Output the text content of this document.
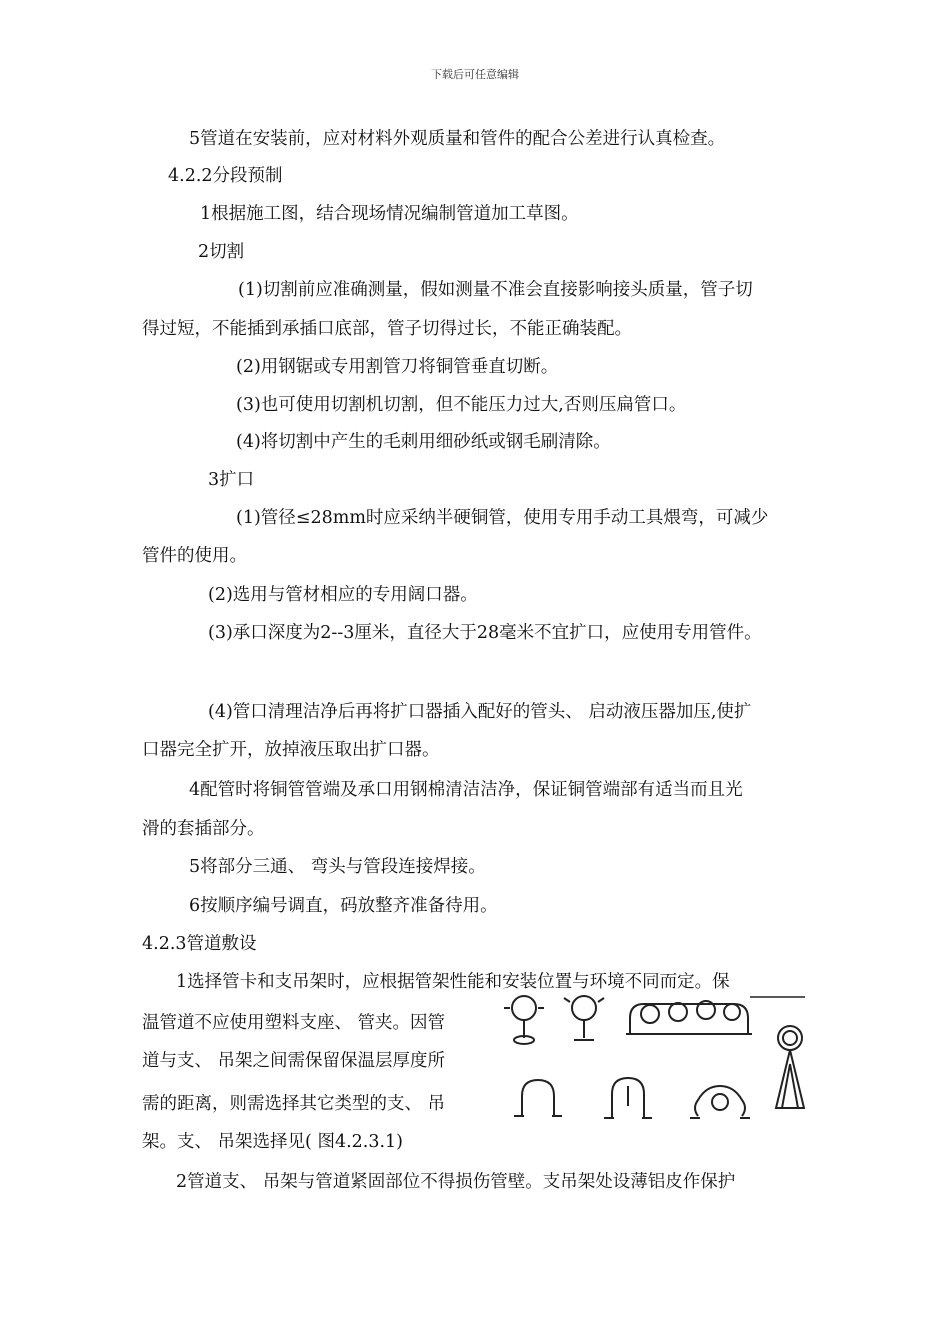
下载后可任意编辑
5管道在安装前，应对材料外观质量和管件的配合公差进行认真检查。
4.2.2分段预制
1根据施工图，结合现场情况编制管道加工草图。
2切割
(1)切割前应准确测量，假如测量不准会直接影响接头质量，管子切
得过短，不能插到承插口底部，管子切得过长，不能正确装配。
(2)用钢锯或专用割管刀将铜管垂直切断。
(3)也可使用切割机切割，但不能压力过大,否则压扁管口。
(4)将切割中产生的毛刺用细砂纸或钢毛刷清除。
3扩口
(1)管径≤28mm时应采纳半硬铜管，使用专用手动工具煨弯，可减少
管件的使用。
(2)选用与管材相应的专用阔口器。
(3)承口深度为2--3厘米，直径大于28毫米不宜扩口，应使用专用管件。
(4)管口清理洁净后再将扩口器插入配好的管头、 启动液压器加压,使扩
口器完全扩开，放掉液压取出扩口器。
4配管时将铜管管端及承口用钢棉清洁洁净，保证铜管端部有适当而且光
滑的套插部分。
5将部分三通、 弯头与管段连接焊接。
6按顺序编号调直，码放整齐准备待用。
4.2.3管道敷设
1选择管卡和支吊架时，应根据管架性能和安装位置与环境不同而定。保
温管道不应使用塑料支座、 管夹。因管
道与支、 吊架之间需保留保温层厚度所
需的距离，则需选择其它类型的支、 吊
架。支、 吊架选择见( 图4.2.3.1)
2管道支、 吊架与管道紧固部位不得损伤管壁。支吊架处设薄铝皮作保护
